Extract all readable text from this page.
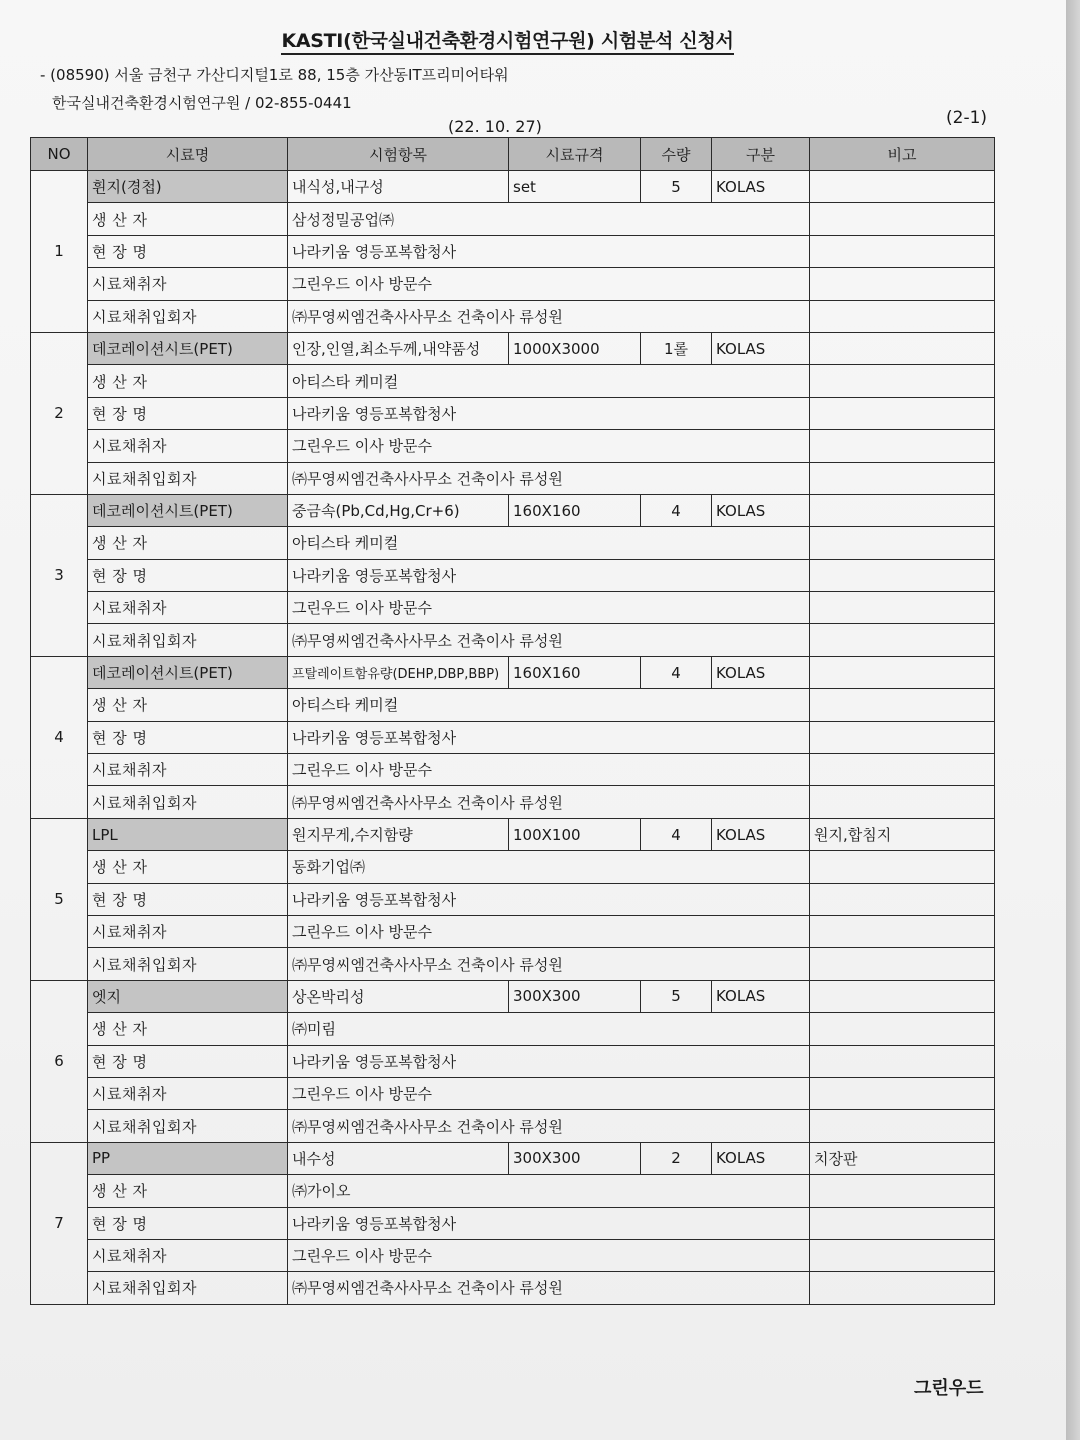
KASTI(한국실내건축환경시험연구원) 시험분석 신청서
- (08590) 서울 금천구 가산디지털1로 88, 15층 가산동IT프리미어타워
한국실내건축환경시험연구원 / 02-855-0441
(22. 10. 27)	(2-1)
NO	시료명	시험항목	시료규격	수량	구분	비고
1	휜지(경첩)	내식성,내구성	set	5	KOLAS	
	생 산 자	삼성정밀공업㈜				
	현 장 명	나라키움 영등포복합청사				
	시료채취자	그린우드 이사 방문수				
	시료채취입회자	㈜무영씨엠건축사사무소 건축이사 류성원				
2	데코레이션시트(PET)	인장,인열,최소두께,내약품성	1000X3000	1롤	KOLAS	
	생 산 자	아티스타 케미컬				
	현 장 명	나라키움 영등포복합청사				
	시료채취자	그린우드 이사 방문수				
	시료채취입회자	㈜무영씨엠건축사사무소 건축이사 류성원				
3	데코레이션시트(PET)	중금속(Pb,Cd,Hg,Cr+6)	160X160	4	KOLAS	
	생 산 자	아티스타 케미컬				
	현 장 명	나라키움 영등포복합청사				
	시료채취자	그린우드 이사 방문수				
	시료채취입회자	㈜무영씨엠건축사사무소 건축이사 류성원				
4	데코레이션시트(PET)	프탈레이트함유량(DEHP,DBP,BBP)	160X160	4	KOLAS	
	생 산 자	아티스타 케미컬				
	현 장 명	나라키움 영등포복합청사				
	시료채취자	그린우드 이사 방문수				
	시료채취입회자	㈜무영씨엠건축사사무소 건축이사 류성원				
5	LPL	원지무게,수지함량	100X100	4	KOLAS	원지,합침지
	생 산 자	동화기업㈜				
	현 장 명	나라키움 영등포복합청사				
	시료채취자	그린우드 이사 방문수				
	시료채취입회자	㈜무영씨엠건축사사무소 건축이사 류성원				
6	엣지	상온박리성	300X300	5	KOLAS	
	생 산 자	㈜미림				
	현 장 명	나라키움 영등포복합청사				
	시료채취자	그린우드 이사 방문수				
	시료채취입회자	㈜무영씨엠건축사사무소 건축이사 류성원				
7	PP	내수성	300X300	2	KOLAS	치장판
	생 산 자	㈜가이오				
	현 장 명	나라키움 영등포복합청사				
	시료채취자	그린우드 이사 방문수				
	시료채취입회자	㈜무영씨엠건축사사무소 건축이사 류성원				
그린우드
